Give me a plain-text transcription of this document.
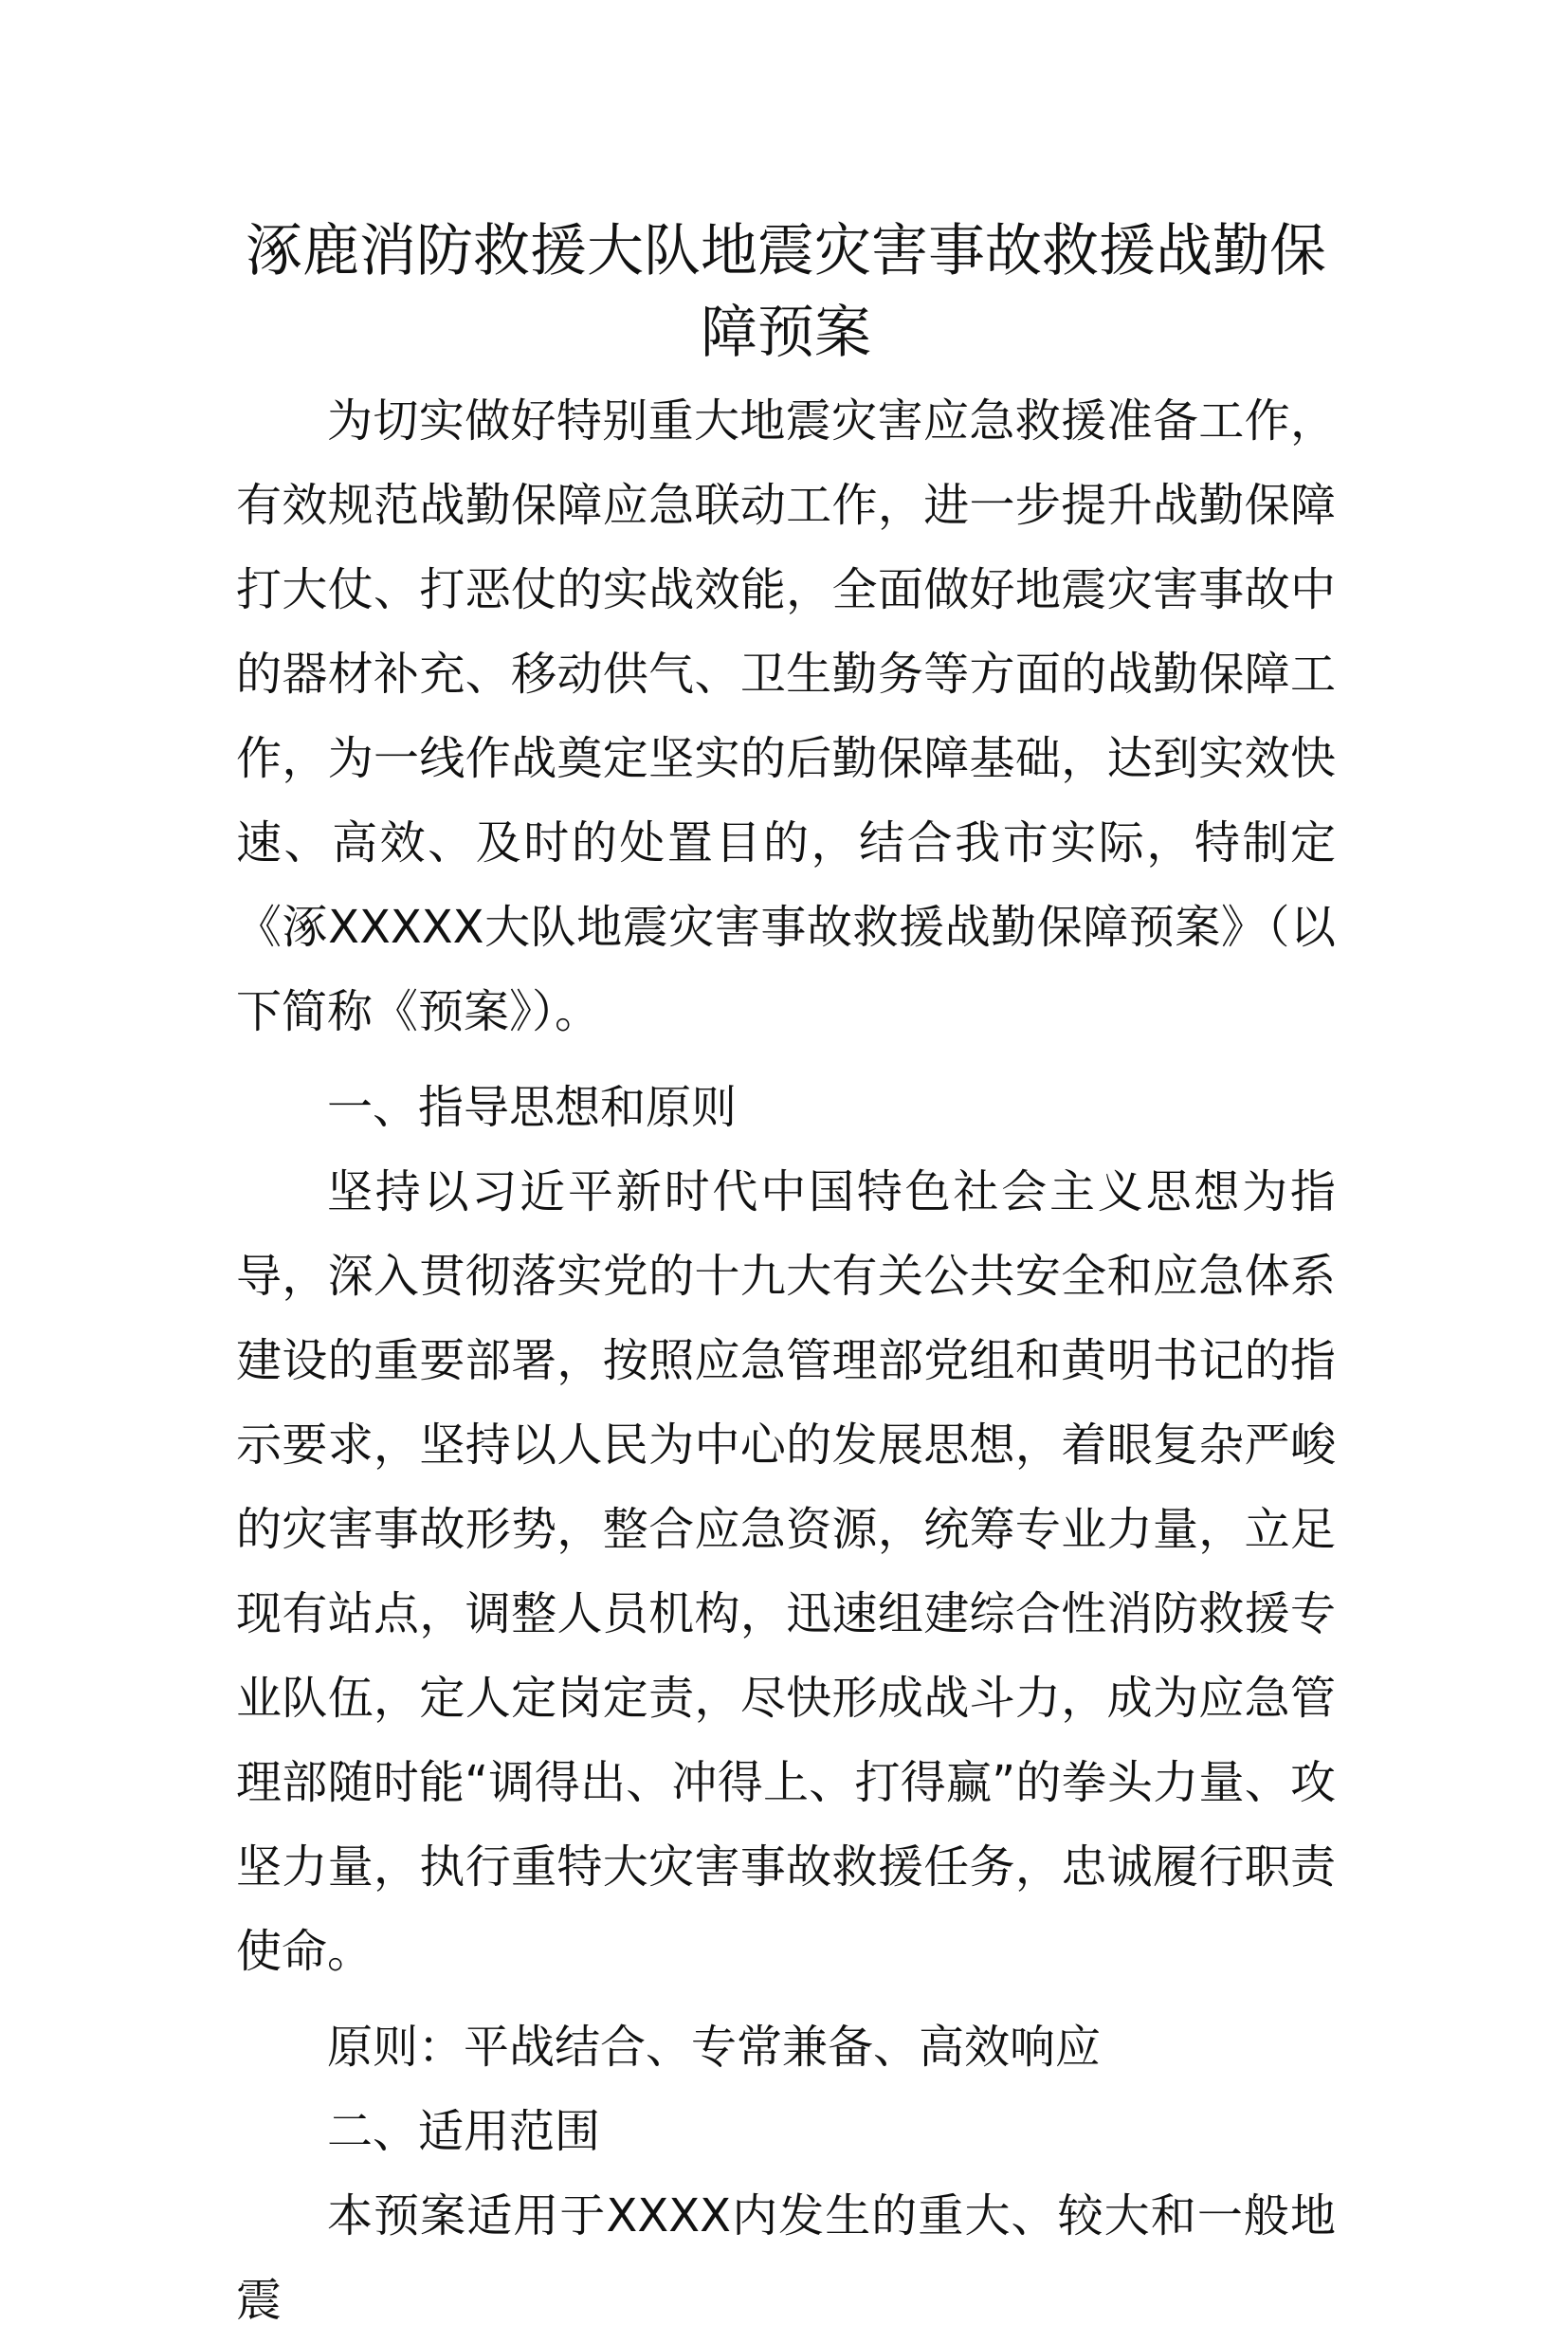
涿鹿消防救援大队地震灾害事故救援战勤保障预案

为切实做好特别重大地震灾害应急救援准备工作，有效规范战勤保障应急联动工作，进一步提升战勤保障打大仗、打恶仗的实战效能，全面做好地震灾害事故中的器材补充、移动供气、卫生勤务等方面的战勤保障工作，为一线作战奠定坚实的后勤保障基础，达到实效快速、高效、及时的处置目的，结合我市实际，特制定《涿XXXXX大队地震灾害事故救援战勤保障预案》（以下简称《预案》）。

一、指导思想和原则

坚持以习近平新时代中国特色社会主义思想为指导，深入贯彻落实党的十九大有关公共安全和应急体系建设的重要部署，按照应急管理部党组和黄明书记的指示要求，坚持以人民为中心的发展思想，着眼复杂严峻的灾害事故形势，整合应急资源，统筹专业力量，立足现有站点，调整人员机构，迅速组建综合性消防救援专业队伍，定人定岗定责，尽快形成战斗力，成为应急管理部随时能“调得出、冲得上、打得赢”的拳头力量、攻坚力量，执行重特大灾害事故救援任务，忠诚履行职责使命。

原则：平战结合、专常兼备、高效响应

二、适用范围

本预案适用于XXXX内发生的重大、较大和一般地震
